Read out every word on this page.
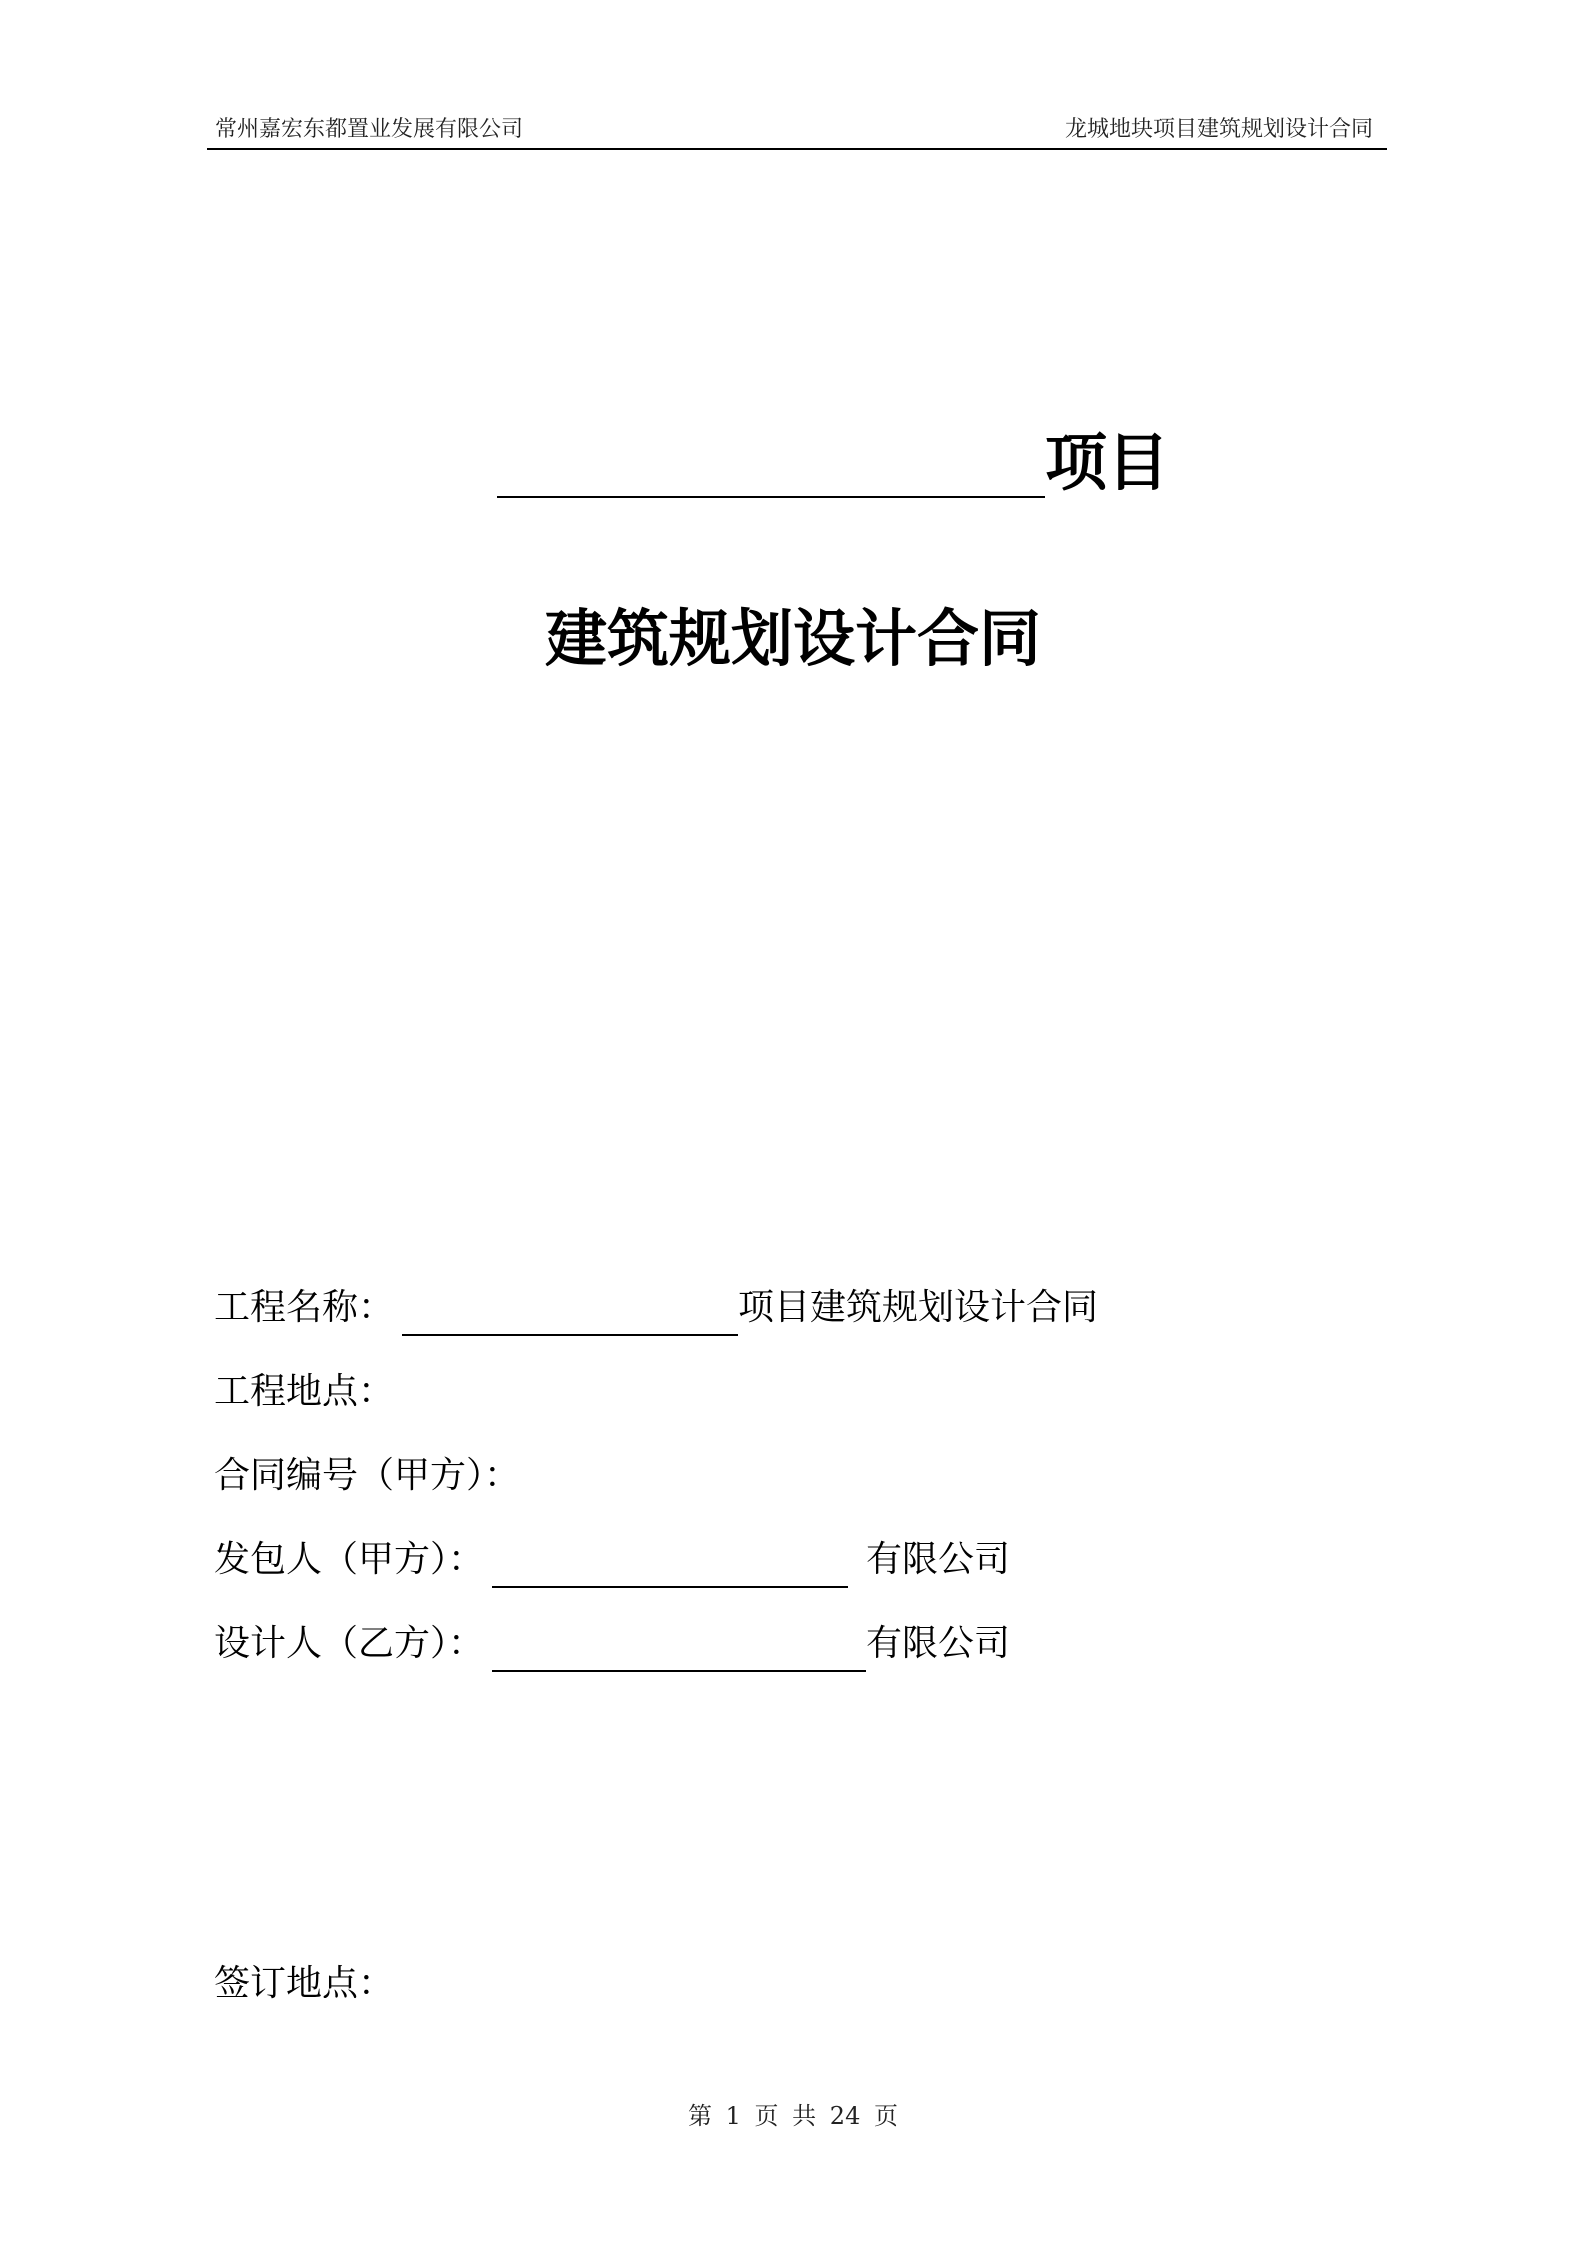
常州嘉宏东都置业发展有限公司	龙城地块项目建筑规划设计合同
项目
建筑规划设计合同
工程名称：	项目建筑规划设计合同
工程地点：
合同编号（甲方）：
发包人（甲方）：	有限公司
设计人（乙方）：	有限公司
签订地点：
第 1 页 共 24 页
